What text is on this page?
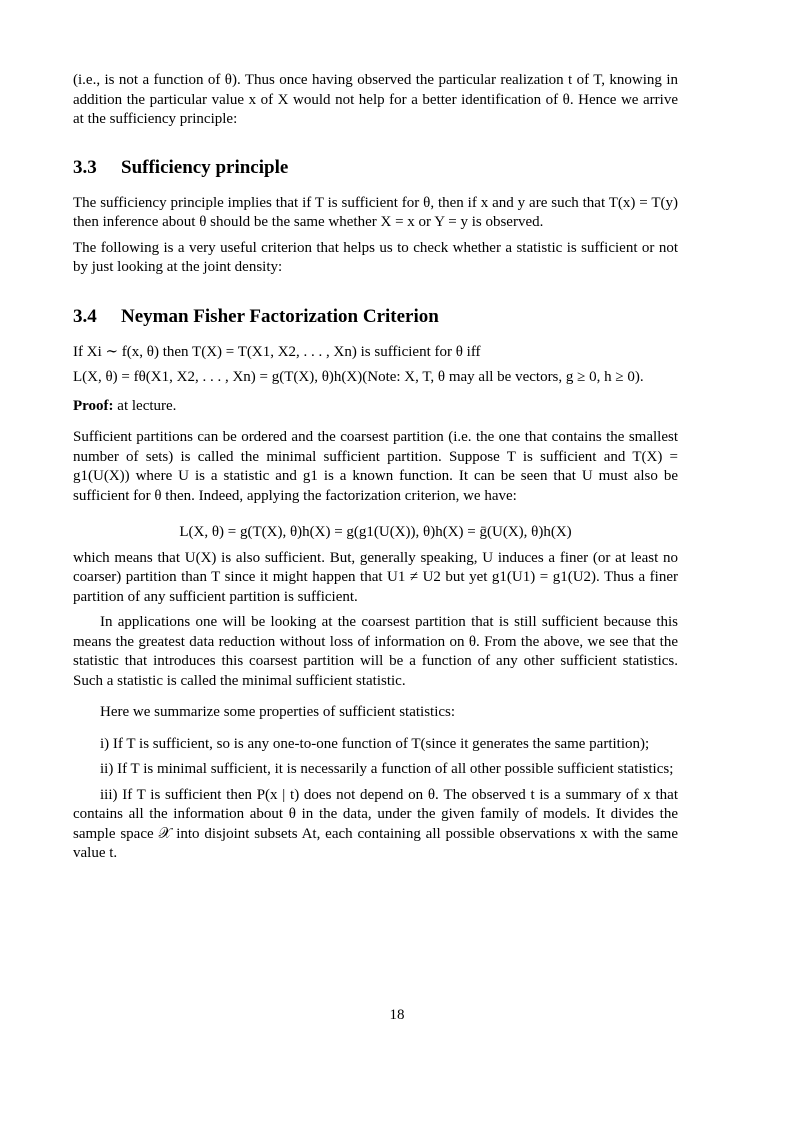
(i.e., is not a function of θ). Thus once having observed the particular realization t of T, knowing in addition the particular value x of X would not help for a better identification of θ. Hence we arrive at the sufficiency principle:

3.3 Sufficiency principle

The sufficiency principle implies that if T is sufficient for θ, then if x and y are such that T(x) = T(y) then inference about θ should be the same whether X = x or Y = y is observed.

The following is a very useful criterion that helps us to check whether a statistic is sufficient or not by just looking at the joint density:

3.4 Neyman Fisher Factorization Criterion

If Xi ∼ f(x, θ) then T(X) = T(X1, X2, . . . , Xn) is sufficient for θ iff

L(X, θ) = fθ(X1, X2, . . . , Xn) = g(T(X), θ)h(X)(Note: X, T, θ may all be vectors, g ≥ 0, h ≥ 0).

Proof: at lecture.

Sufficient partitions can be ordered and the coarsest partition (i.e. the one that contains the smallest number of sets) is called the minimal sufficient partition. Suppose T is sufficient and T(X) = g1(U(X)) where U is a statistic and g1 is a known function. It can be seen that U must also be sufficient for θ then. Indeed, applying the factorization criterion, we have:

L(X, θ) = g(T(X), θ)h(X) = g(g1(U(X)), θ)h(X) = ḡ(U(X), θ)h(X)

which means that U(X) is also sufficient. But, generally speaking, U induces a finer (or at least no coarser) partition than T since it might happen that U1 ≠ U2 but yet g1(U1) = g1(U2). Thus a finer partition of any sufficient partition is sufficient.

In applications one will be looking at the coarsest partition that is still sufficient because this means the greatest data reduction without loss of information on θ. From the above, we see that the statistic that introduces this coarsest partition will be a function of any other sufficient statistics. Such a statistic is called the minimal sufficient statistic.

Here we summarize some properties of sufficient statistics:

i) If T is sufficient, so is any one-to-one function of T(since it generates the same partition);

ii) If T is minimal sufficient, it is necessarily a function of all other possible sufficient statistics;

iii) If T is sufficient then P(x | t) does not depend on θ. The observed t is a summary of x that contains all the information about θ in the data, under the given family of models. It divides the sample space 𝒳 into disjoint subsets At, each containing all possible observations x with the same value t.

18
